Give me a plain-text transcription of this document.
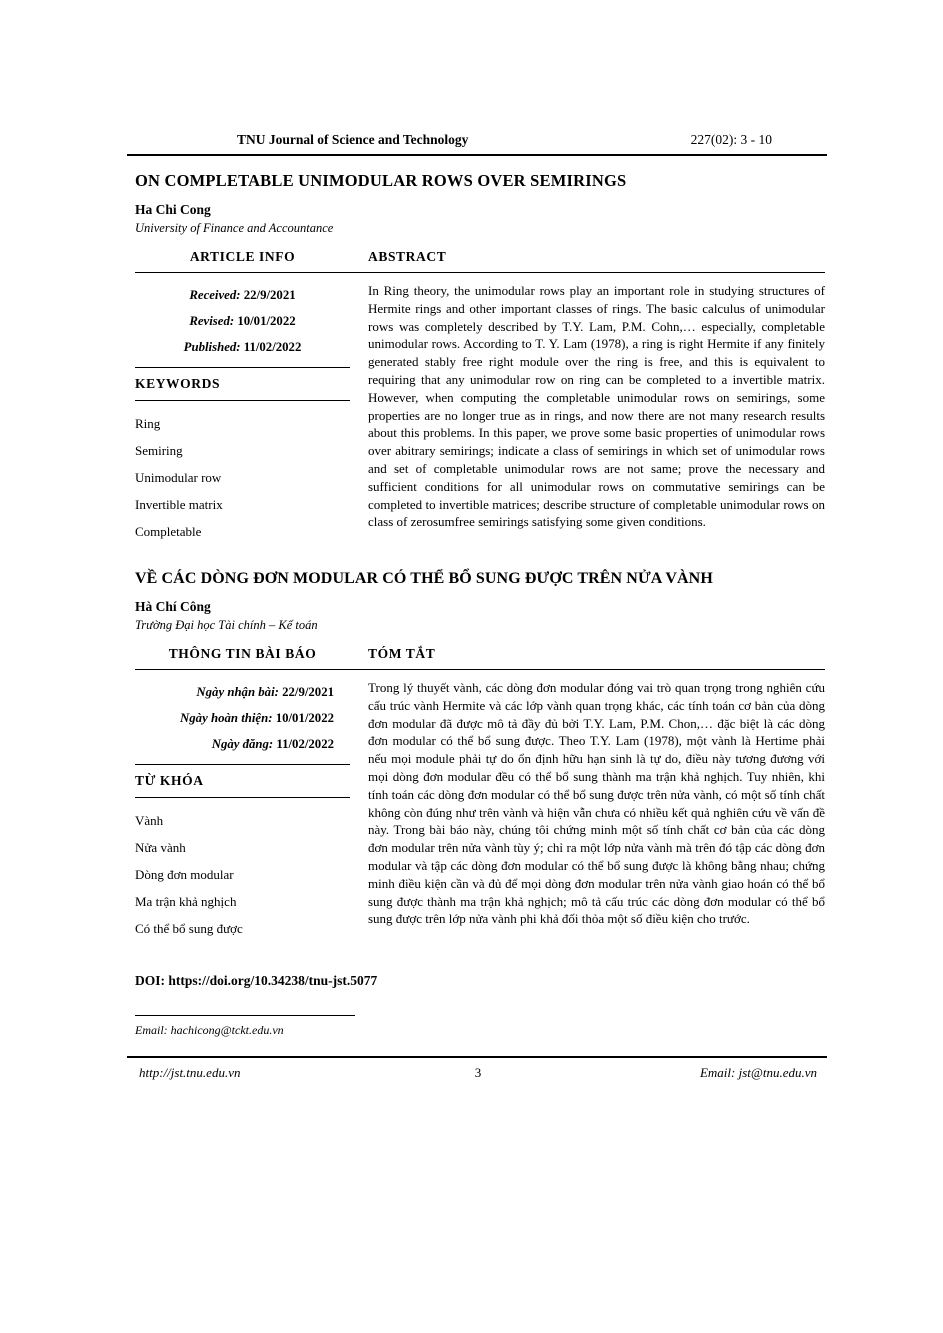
TNU Journal of Science and Technology	227(02): 3 - 10
ON COMPLETABLE UNIMODULAR ROWS OVER SEMIRINGS
Ha Chi Cong
University of Finance and Accountance
ARTICLE INFO	ABSTRACT
Received: 22/9/2021
Revised: 10/01/2022
Published: 11/02/2022
KEYWORDS
Ring
Semiring
Unimodular row
Invertible matrix
Completable

In Ring theory, the unimodular rows play an important role in studying structures of Hermite rings and other important classes of rings. The basic calculus of unimodular rows was completely described by T.Y. Lam, P.M. Cohn,… especially, completable unimodular rows. According to T. Y. Lam (1978), a ring is right Hermite if any finitely generated stably free right module over the ring is free, and this is equivalent to requiring that any unimodular row on ring can be completed to a invertible matrix. However, when computing the completable unimodular rows on semirings, some properties are no longer true as in rings, and now there are not many research results about this problems. In this paper, we prove some basic properties of unimodular rows over abitrary semirings; indicate a class of semirings in which set of unimodular rows and set of completable unimodular rows are not same; prove the necessary and sufficient conditions for all unimodular rows on commutative semirings can be completed to invertible matrices; describe structure of completable unimodular rows on class of zerosumfree semirings satisfying some given conditions.

VỀ CÁC DÒNG ĐƠN MODULAR CÓ THỂ BỔ SUNG ĐƯỢC TRÊN NỬA VÀNH
Hà Chí Công
Trường Đại học Tài chính – Kế toán
THÔNG TIN BÀI BÁO	TÓM TẮT
Ngày nhận bài: 22/9/2021
Ngày hoàn thiện: 10/01/2022
Ngày đăng: 11/02/2022
TỪ KHÓA
Vành
Nửa vành
Dòng đơn modular
Ma trận khả nghịch
Có thể bổ sung được

Trong lý thuyết vành, các dòng đơn modular đóng vai trò quan trọng trong nghiên cứu cấu trúc vành Hermite và các lớp vành quan trọng khác, các tính toán cơ bản của dòng đơn modular đã được mô tả đầy đủ bởi T.Y. Lam, P.M. Chon,… đặc biệt là các dòng đơn modular có thể bổ sung được. Theo T.Y. Lam (1978), một vành là Hertime phải nếu mọi module phải tự do ổn định hữu hạn sinh là tự do, điều này tương đương với mọi dòng đơn modular đều có thể bổ sung thành ma trận khả nghịch. Tuy nhiên, khi tính toán các dòng đơn modular có thể bổ sung được trên nửa vành, có một số tính chất không còn đúng như trên vành và hiện vẫn chưa có nhiều kết quả nghiên cứu về vấn đề này. Trong bài báo này, chúng tôi chứng minh một số tính chất cơ bản của các dòng đơn modular trên nửa vành tùy ý; chỉ ra một lớp nửa vành mà trên đó tập các dòng đơn modular và tập các dòng đơn modular có thể bổ sung được là không bằng nhau; chứng minh điều kiện cần và đủ để mọi dòng đơn modular trên nửa vành giao hoán có thể bổ sung được thành ma trận khả nghịch; mô tả cấu trúc các dòng đơn modular có thể bổ sung được trên lớp nửa vành phi khả đối thỏa một số điều kiện cho trước.

DOI: https://doi.org/10.34238/tnu-jst.5077
Email: hachicong@tckt.edu.vn
http://jst.tnu.edu.vn	3	Email: jst@tnu.edu.vn
